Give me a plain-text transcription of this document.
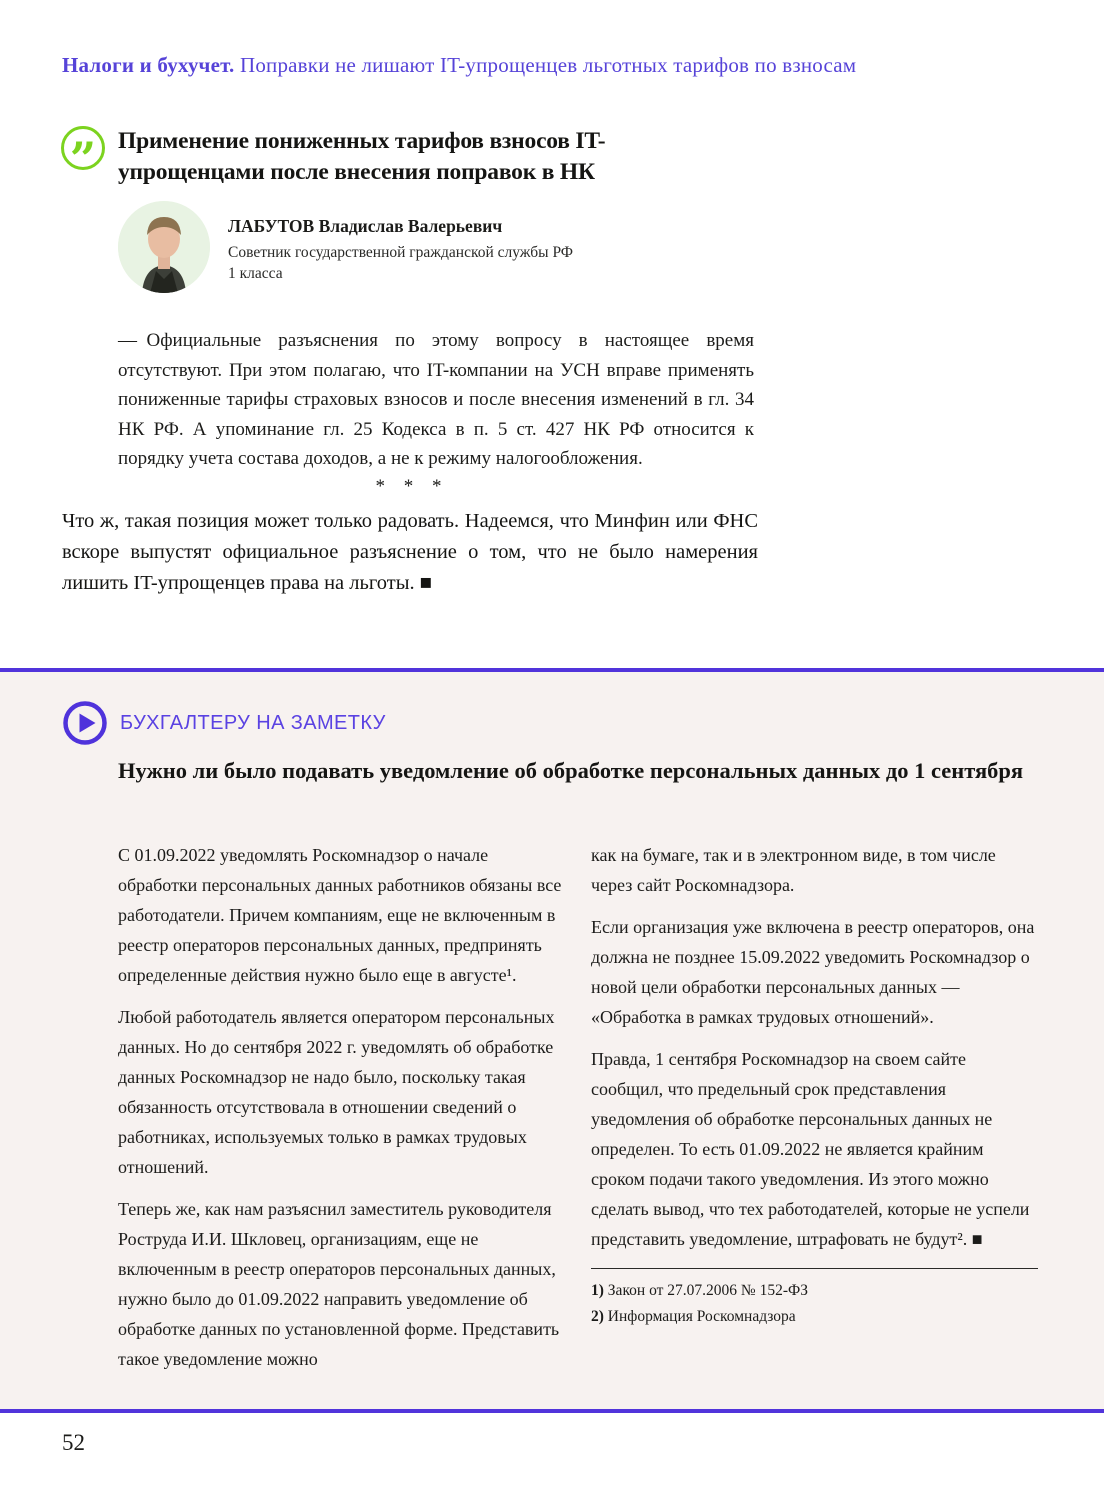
Налоги и бухучет. Поправки не лишают IT-упрощенцев льготных тарифов по взносам
” Применение пониженных тарифов взносов IT-упрощенцами после внесения поправок в НК
ЛАБУТОВ Владислав Валерьевич
Советник государственной гражданской службы РФ
1 класса

— Официальные разъяснения по этому вопросу в настоящее время отсутствуют. При этом полагаю, что IT-компании на УСН вправе применять пониженные тарифы страховых взносов и после внесения изменений в гл. 34 НК РФ. А упоминание гл. 25 Кодекса в п. 5 ст. 427 НК РФ относится к порядку учета состава доходов, а не к режиму налогообложения.

* * *

Что ж, такая позиция может только радовать. Надеемся, что Минфин или ФНС вскоре выпустят официальное разъяснение о том, что не было намерения лишить IT-упрощенцев права на льготы. ■

БУХГАЛТЕРУ НА ЗАМЕТКУ
Нужно ли было подавать уведомление об обработке персональных данных до 1 сентября

С 01.09.2022 уведомлять Роскомнадзор о начале обработки персональных данных работников обязаны все работодатели. Причем компаниям, еще не включенным в реестр операторов персональных данных, предпринять определенные действия нужно было еще в августе¹.

Любой работодатель является оператором персональных данных. Но до сентября 2022 г. уведомлять об обработке данных Роскомнадзор не надо было, поскольку такая обязанность отсутствовала в отношении сведений о работниках, используемых только в рамках трудовых отношений.

Теперь же, как нам разъяснил заместитель руководителя Роструда И.И. Шкловец, организациям, еще не включенным в реестр операторов персональных данных, нужно было до 01.09.2022 направить уведомление об обработке данных по установленной форме. Представить такое уведомление можно

как на бумаге, так и в электронном виде, в том числе через сайт Роскомнадзора.

Если организация уже включена в реестр операторов, она должна не позднее 15.09.2022 уведомить Роскомнадзор о новой цели обработки персональных данных — «Обработка в рамках трудовых отношений».

Правда, 1 сентября Роскомнадзор на своем сайте сообщил, что предельный срок представления уведомления об обработке персональных данных не определен. То есть 01.09.2022 не является крайним сроком подачи такого уведомления. Из этого можно сделать вывод, что тех работодателей, которые не успели представить уведомление, штрафовать не будут². ■

1) Закон от 27.07.2006 № 152-ФЗ
2) Информация Роскомнадзора
52
